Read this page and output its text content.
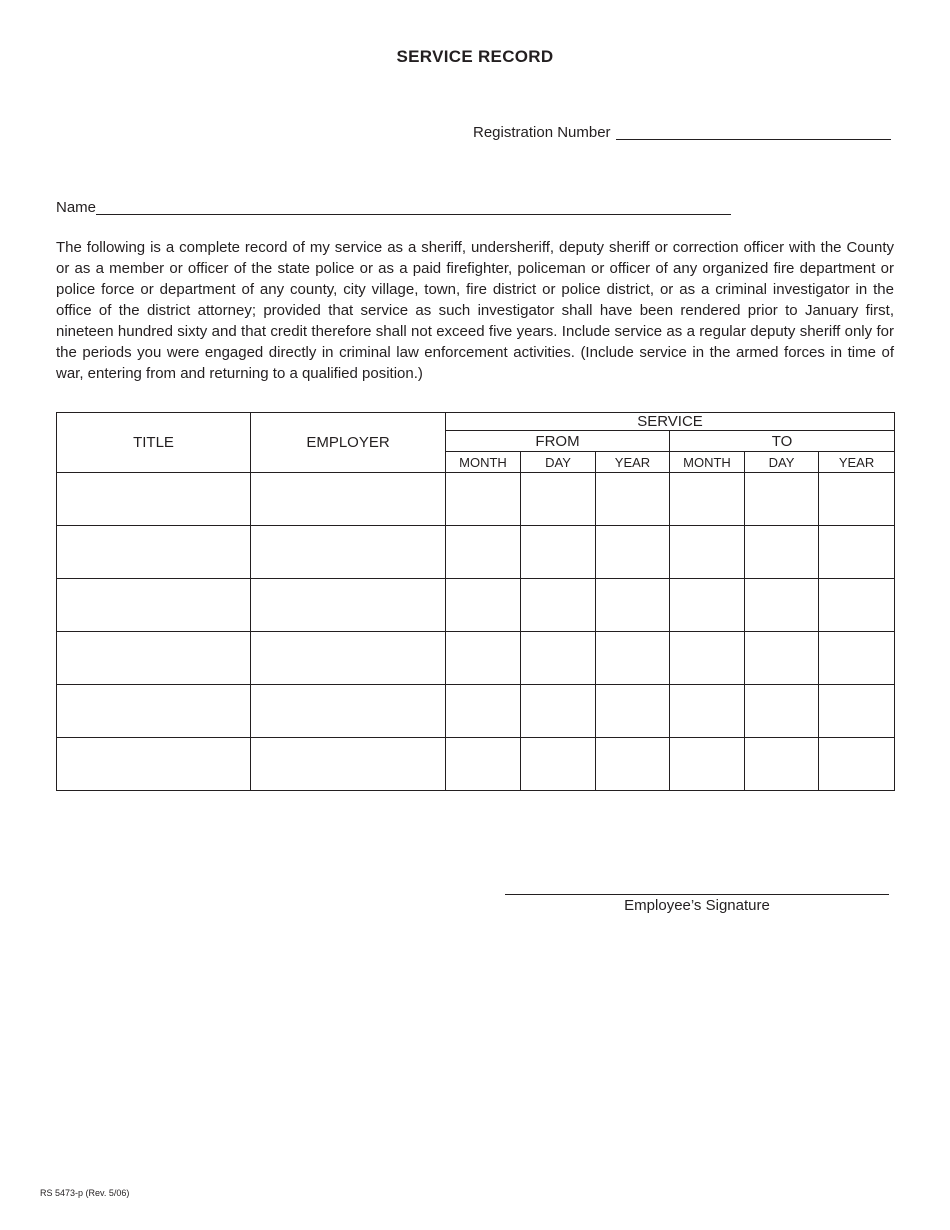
SERVICE RECORD
Registration Number
Name

The following is a complete record of my service as a sheriff, undersheriff, deputy sheriff or correction officer with the County or as a member or officer of the state police or as a paid firefighter, policeman or officer of any organized fire department or police force or department of any county, city village, town, fire district or police district, or as a criminal investigator in the office of the district attorney; provided that service as such investigator shall have been rendered prior to January first, nineteen hundred sixty and that credit therefore shall not exceed five years. Include service as a regular deputy sheriff only for the periods you were engaged directly in criminal law enforcement activities. (Include service in the armed forces in time of war, entering from and returning to a qualified position.)

TITLE	EMPLOYER	SERVICE					
		FROM			TO		
		MONTH	DAY	YEAR	MONTH	DAY	YEAR

Employee’s Signature
RS 5473-p (Rev. 5/06)
